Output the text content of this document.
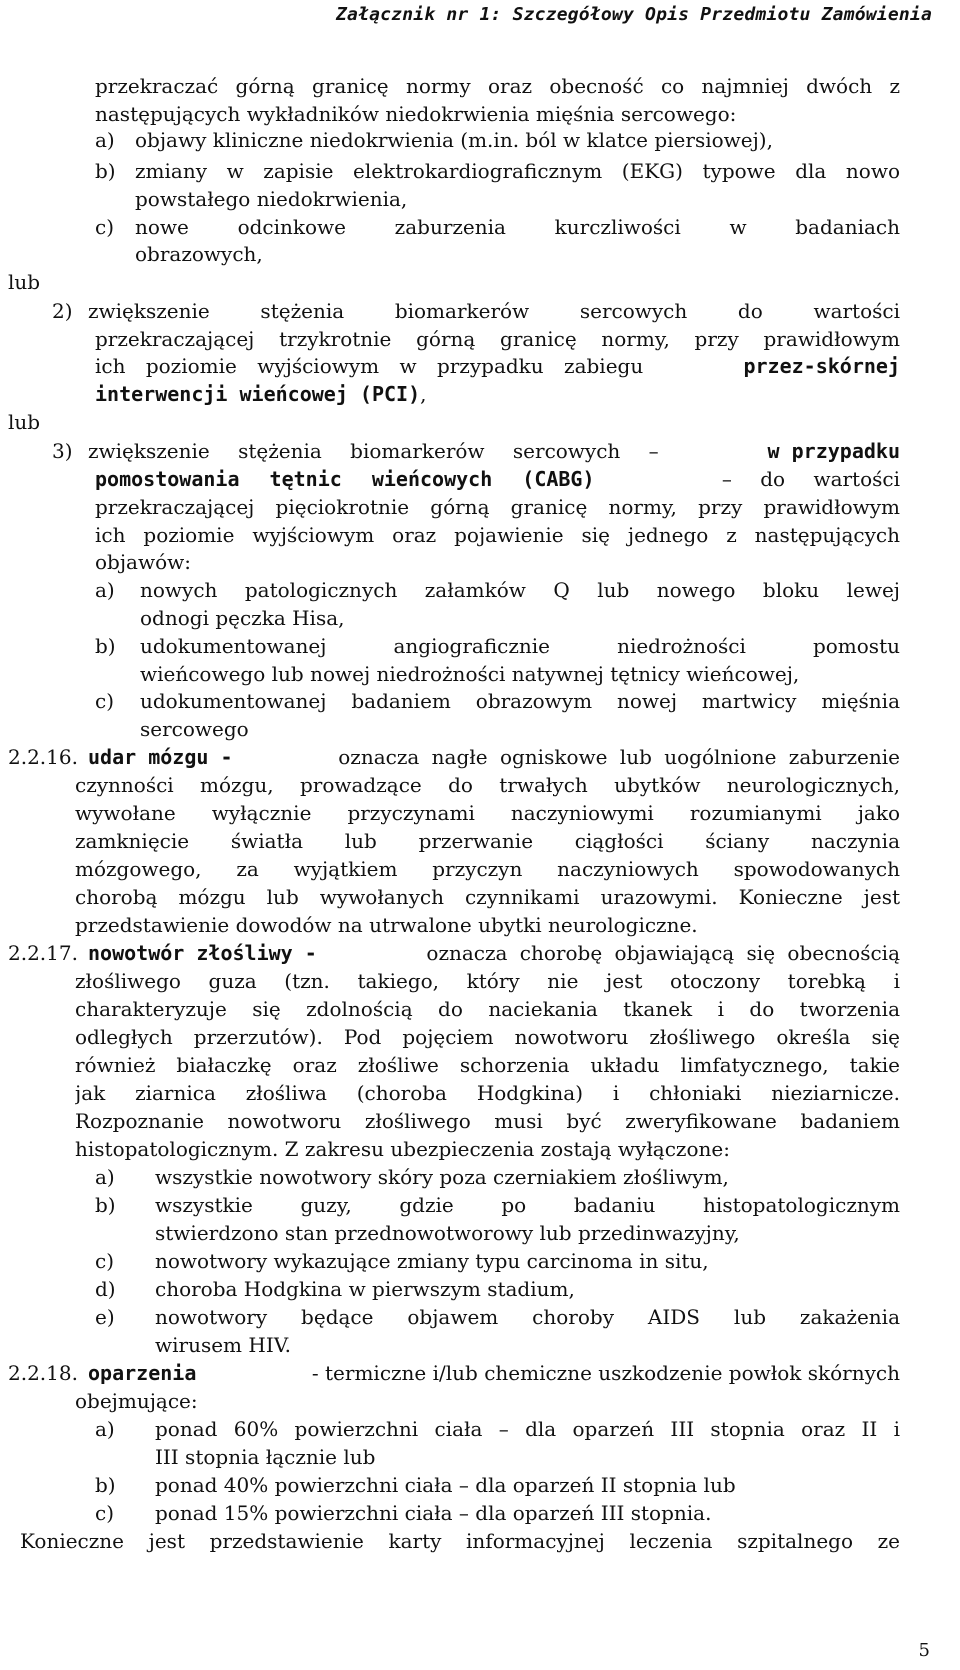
Załącznik nr 1: Szczegółowy Opis Przedmiotu Zamówienia
przekraczać górną granicę normy oraz obecność co najmniej dwóch z
następujących wykładników niedokrwienia mięśnia sercowego:
a) objawy kliniczne niedokrwienia (m.in. ból w klatce piersiowej),
b) zmiany w zapisie elektrokardiograficznym (EKG) typowe dla nowo
powstałego niedokrwienia,
c) nowe odcinkowe zaburzenia kurczliwości w badaniach
obrazowych,
lub
2) zwiększenie stężenia biomarkerów sercowych do wartości
przekraczającej trzykrotnie górną granicę normy, przy prawidłowym
ich poziomie wyjściowym w przypadku zabiegu	przez-skórnej
interwencji wieńcowej (PCI),
lub
3) zwiększenie stężenia biomarkerów sercowych –	w przypadku
pomostowania tętnic wieńcowych (CABG)	– do wartości
przekraczającej pięciokrotnie górną granicę normy, przy prawidłowym
ich poziomie wyjściowym oraz pojawienie się jednego z następujących
objawów:
a) nowych patologicznych załamków Q lub nowego bloku lewej
odnogi pęczka Hisa,
b) udokumentowanej angiograficznie niedrożności pomostu
wieńcowego lub nowej niedrożności natywnej tętnicy wieńcowej,
c) udokumentowanej badaniem obrazowym nowej martwicy mięśnia
sercowego
2.2.16. udar mózgu -	oznacza nagłe ogniskowe lub uogólnione zaburzenie
czynności mózgu, prowadzące do trwałych ubytków neurologicznych,
wywołane wyłącznie przyczynami naczyniowymi rozumianymi jako
zamknięcie światła lub przerwanie ciągłości ściany naczynia
mózgowego, za wyjątkiem przyczyn naczyniowych spowodowanych
chorobą mózgu lub wywołanych czynnikami urazowymi. Konieczne jest
przedstawienie dowodów na utrwalone ubytki neurologiczne.
2.2.17. nowotwór złośliwy -	oznacza chorobę objawiającą się obecnością
złośliwego guza (tzn. takiego, który nie jest otoczony torebką i
charakteryzuje się zdolnością do naciekania tkanek i do tworzenia
odległych przerzutów). Pod pojęciem nowotworu złośliwego określa się
również białaczkę oraz złośliwe schorzenia układu limfatycznego, takie
jak ziarnica złośliwa (choroba Hodgkina) i chłoniaki nieziarnicze.
Rozpoznanie nowotworu złośliwego musi być zweryfikowane badaniem
histopatologicznym. Z zakresu ubezpieczenia zostają wyłączone:
a) wszystkie nowotwory skóry poza czerniakiem złośliwym,
b) wszystkie guzy, gdzie po badaniu histopatologicznym
stwierdzono stan przednowotworowy lub przedinwazyjny,
c) nowotwory wykazujące zmiany typu carcinoma in situ,
d) choroba Hodgkina w pierwszym stadium,
e) nowotwory będące objawem choroby AIDS lub zakażenia
wirusem HIV.
2.2.18. oparzenia	- termiczne i/lub chemiczne uszkodzenie powłok skórnych
obejmujące:
a) ponad 60% powierzchni ciała – dla oparzeń III stopnia oraz II i
III stopnia łącznie lub
b) ponad 40% powierzchni ciała – dla oparzeń II stopnia lub
c) ponad 15% powierzchni ciała – dla oparzeń III stopnia.
Konieczne jest przedstawienie karty informacyjnej leczenia szpitalnego ze
5
